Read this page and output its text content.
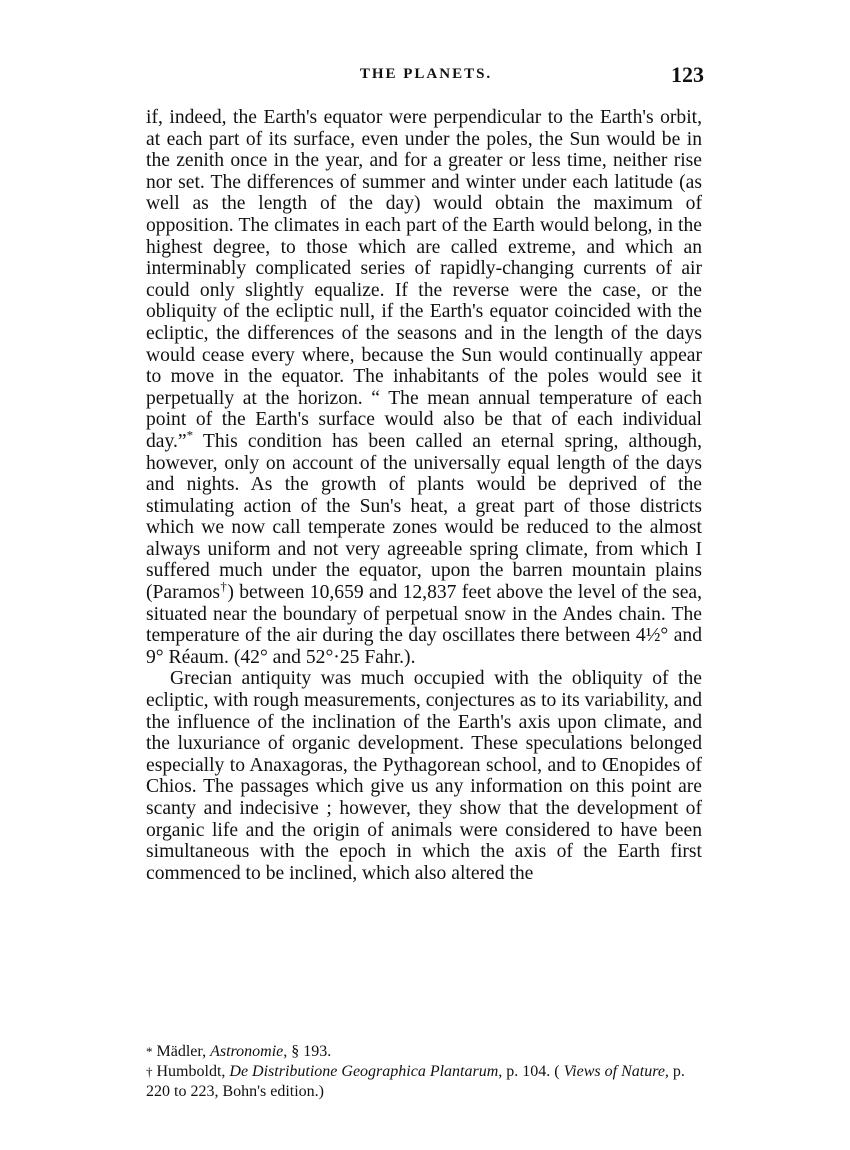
THE PLANETS.	123

if, indeed, the Earth's equator were perpendicular to the Earth's orbit, at each part of its surface, even under the poles, the Sun would be in the zenith once in the year, and for a greater or less time, neither rise nor set. The differences of summer and winter under each latitude (as well as the length of the day) would obtain the maximum of opposition. The climates in each part of the Earth would belong, in the highest degree, to those which are called extreme, and which an interminably complicated series of rapidly-changing currents of air could only slightly equalize. If the reverse were the case, or the obliquity of the ecliptic null, if the Earth's equator coincided with the ecliptic, the differences of the seasons and in the length of the days would cease every where, because the Sun would continually appear to move in the equator. The inhabitants of the poles would see it perpetually at the horizon. “ The mean annual temperature of each point of the Earth's surface would also be that of each individual day.”* This condition has been called an eternal spring, although, however, only on account of the universally equal length of the days and nights. As the growth of plants would be deprived of the stimulating action of the Sun's heat, a great part of those districts which we now call temperate zones would be reduced to the almost always uniform and not very agreeable spring climate, from which I suffered much under the equator, upon the barren mountain plains (Paramos†) between 10,659 and 12,837 feet above the level of the sea, situated near the boundary of perpetual snow in the Andes chain. The temperature of the air during the day oscillates there between 4½° and 9° Réaum. (42° and 52°·25 Fahr.).

Grecian antiquity was much occupied with the obliquity of the ecliptic, with rough measurements, conjectures as to its variability, and the influence of the inclination of the Earth's axis upon climate, and the luxuriance of organic development. These speculations belonged especially to Anaxagoras, the Pythagorean school, and to Œnopides of Chios. The passages which give us any information on this point are scanty and indecisive ; however, they show that the development of organic life and the origin of animals were considered to have been simultaneous with the epoch in which the axis of the Earth first commenced to be inclined, which also altered the

* Mädler, Astronomie, § 193.
† Humboldt, De Distributione Geographica Plantarum, p. 104. ( Views of Nature, p. 220 to 223, Bohn's edition.)
